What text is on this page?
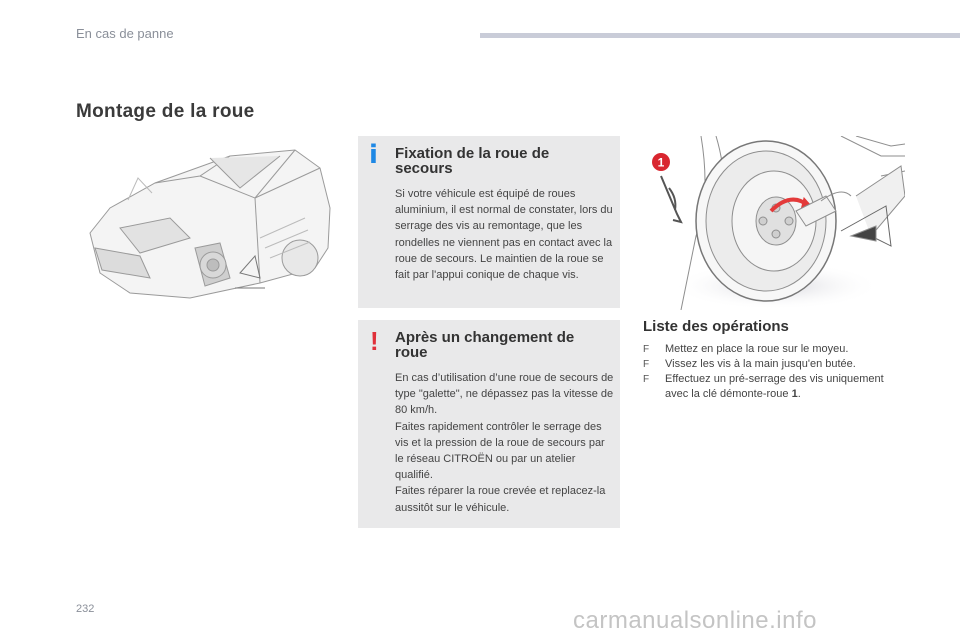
En cas de panne
Montage de la roue
i Fixation de la roue de secours
Si votre véhicule est équipé de roues aluminium, il est normal de constater, lors du serrage des vis au remontage, que les rondelles ne viennent pas en contact avec la roue de secours. Le maintien de la roue se fait par l'appui conique de chaque vis.
! Après un changement de roue
En cas d’utilisation d’une roue de secours de type "galette", ne dépassez pas la vitesse de 80 km/h.
Faites rapidement contrôler le serrage des vis et la pression de la roue de secours par le réseau CITROËN ou par un atelier qualifié.
Faites réparer la roue crevée et replacez-la aussitôt sur le véhicule.
1
Liste des opérations
F Mettez en place la roue sur le moyeu.
F Vissez les vis à la main jusqu'en butée.
F Effectuez un pré-serrage des vis uniquement avec la clé démonte-roue 1.
232	carmanualsonline.info
